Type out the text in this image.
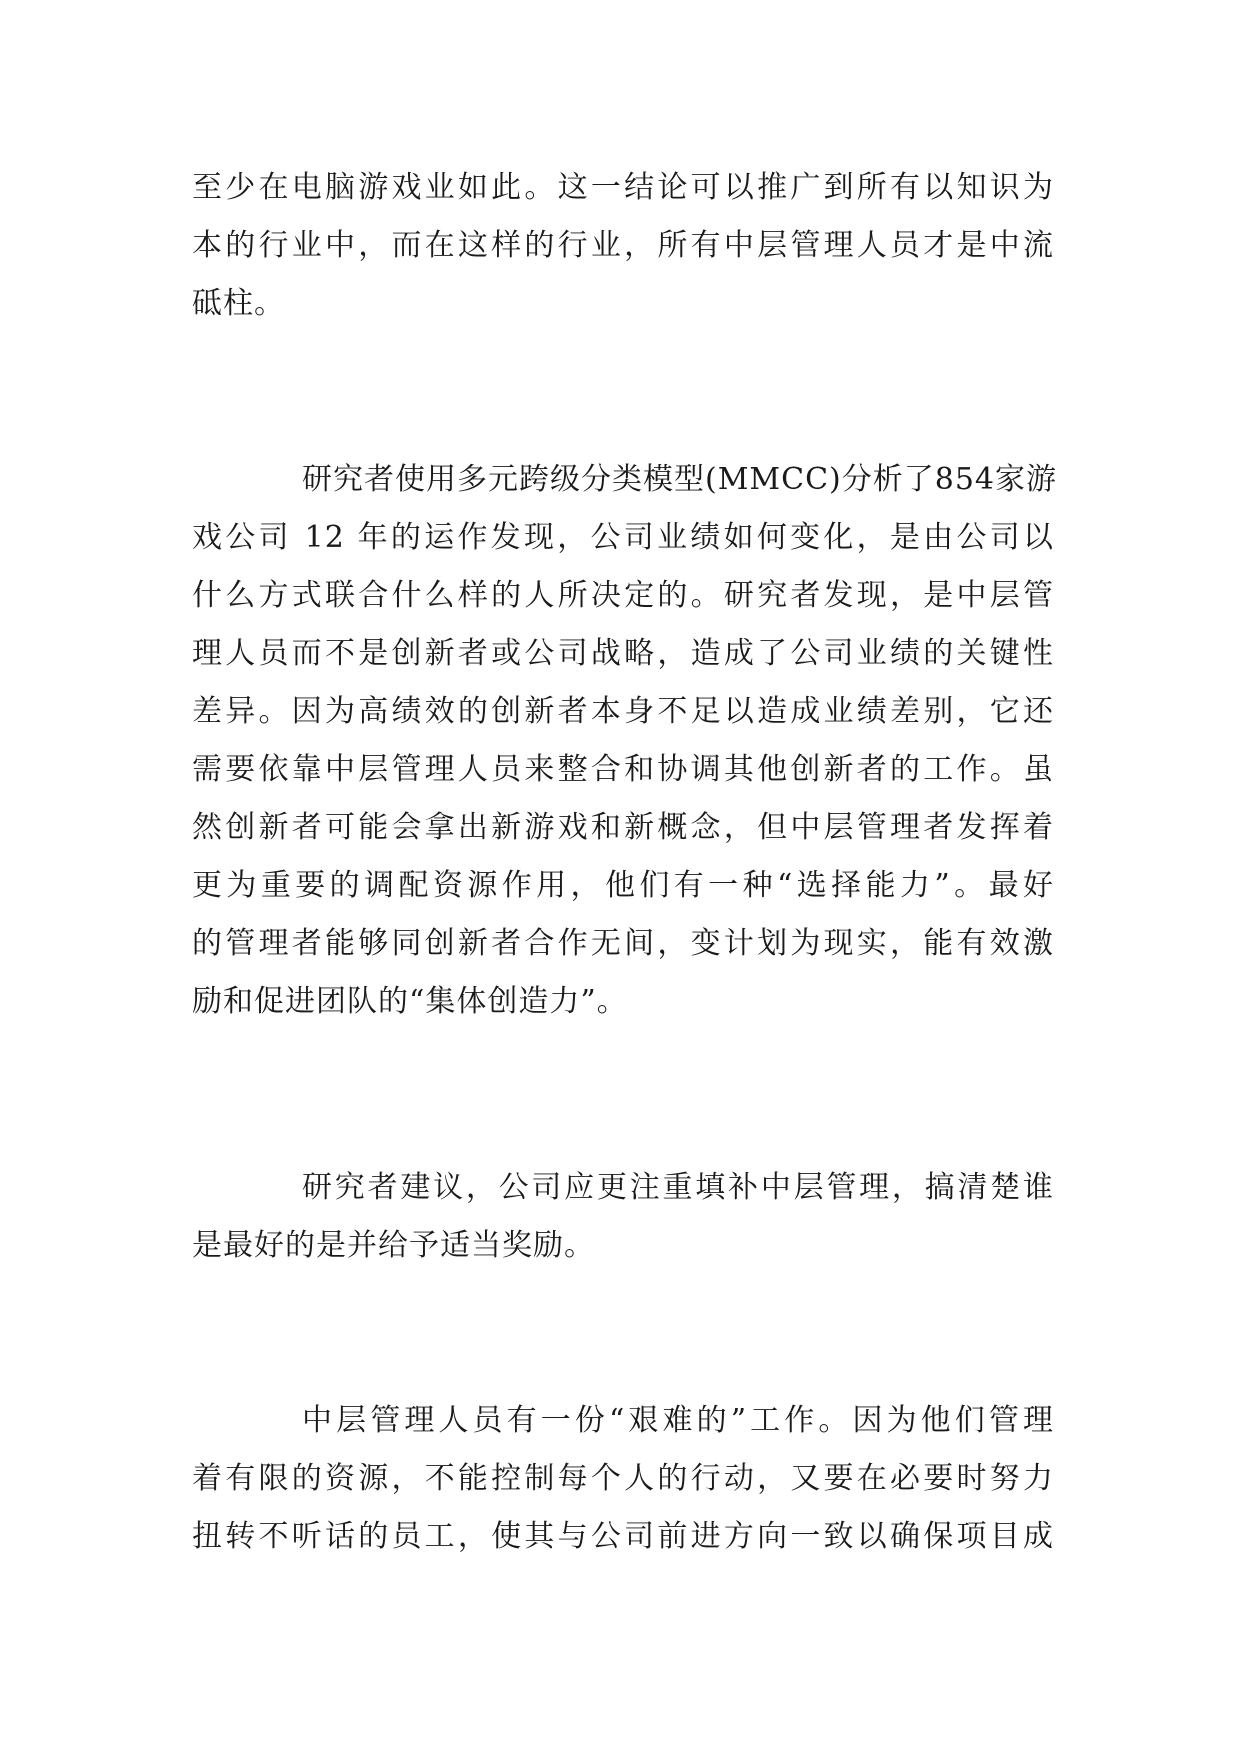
至少在电脑游戏业如此。这一结论可以推广到所有以知识为
本的行业中，而在这样的行业，所有中层管理人员才是中流
砥柱。

研究者使用多元跨级分类模型(MMCC)分析了854家游
戏公司 12 年的运作发现，公司业绩如何变化，是由公司以
什么方式联合什么样的人所决定的。研究者发现，是中层管
理人员而不是创新者或公司战略，造成了公司业绩的关键性
差异。因为高绩效的创新者本身不足以造成业绩差别，它还
需要依靠中层管理人员来整合和协调其他创新者的工作。虽
然创新者可能会拿出新游戏和新概念，但中层管理者发挥着
更为重要的调配资源作用，他们有一种“选择能力”。最好
的管理者能够同创新者合作无间，变计划为现实，能有效激
励和促进团队的“集体创造力”。

研究者建议，公司应更注重填补中层管理，搞清楚谁
是最好的是并给予适当奖励。

中层管理人员有一份“艰难的”工作。因为他们管理
着有限的资源，不能控制每个人的行动，又要在必要时努力
扭转不听话的员工，使其与公司前进方向一致以确保项目成
